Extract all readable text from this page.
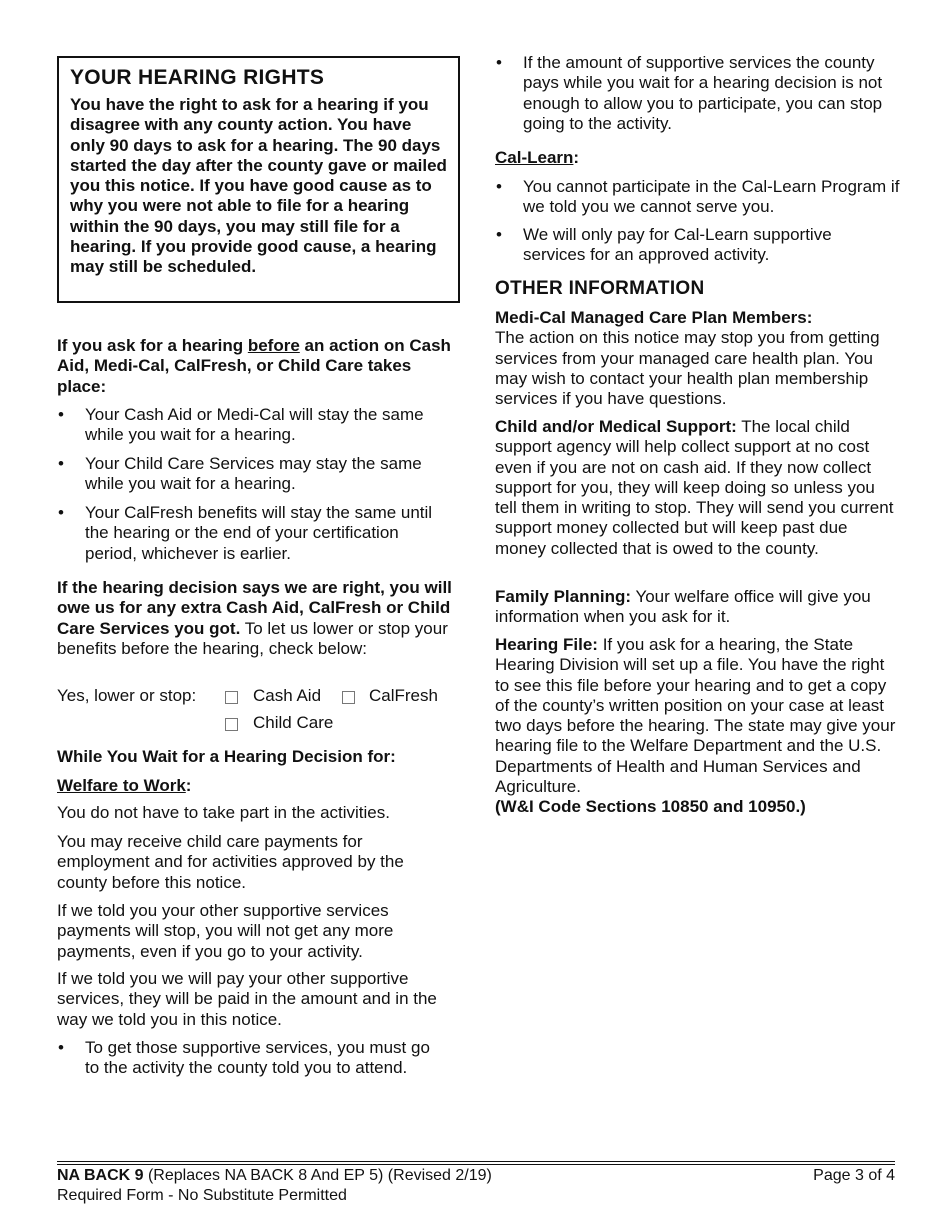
YOUR HEARING RIGHTS
You have the right to ask for a hearing if you disagree with any county action. You have only 90 days to ask for a hearing. The 90 days started the day after the county gave or mailed you this notice. If you have good cause as to why you were not able to file for a hearing within the 90 days, you may still file for a hearing. If you provide good cause, a hearing may still be scheduled.

If you ask for a hearing before an action on Cash Aid, Medi-Cal, CalFresh, or Child Care takes place:

• Your Cash Aid or Medi-Cal will stay the same while you wait for a hearing.
• Your Child Care Services may stay the same while you wait for a hearing.
• Your CalFresh benefits will stay the same until the hearing or the end of your certification period, whichever is earlier.

If the hearing decision says we are right, you will owe us for any extra Cash Aid, CalFresh or Child Care Services you got. To let us lower or stop your benefits before the hearing, check below:

Yes, lower or stop:	Cash Aid	CalFresh
Child Care

While You Wait for a Hearing Decision for:

Welfare to Work:

You do not have to take part in the activities.

You may receive child care payments for employment and for activities approved by the county before this notice.

If we told you your other supportive services payments will stop, you will not get any more payments, even if you go to your activity.

If we told you we will pay your other supportive services, they will be paid in the amount and in the way we told you in this notice.

• To get those supportive services, you must go to the activity the county told you to attend.
• If the amount of supportive services the county pays while you wait for a hearing decision is not enough to allow you to participate, you can stop going to the activity.

Cal-Learn:

• You cannot participate in the Cal-Learn Program if we told you we cannot serve you.
• We will only pay for Cal-Learn supportive services for an approved activity.

OTHER INFORMATION

Medi-Cal Managed Care Plan Members:
The action on this notice may stop you from getting services from your managed care health plan. You may wish to contact your health plan membership services if you have questions.

Child and/or Medical Support: The local child support agency will help collect support at no cost even if you are not on cash aid. If they now collect support for you, they will keep doing so unless you tell them in writing to stop. They will send you current support money collected but will keep past due money collected that is owed to the county.

Family Planning: Your welfare office will give you information when you ask for it.

Hearing File: If you ask for a hearing, the State Hearing Division will set up a file. You have the right to see this file before your hearing and to get a copy of the county’s written position on your case at least two days before the hearing. The state may give your hearing file to the Welfare Department and the U.S. Departments of Health and Human Services and Agriculture.
(W&I Code Sections 10850 and 10950.)

NA BACK 9 (Replaces NA BACK 8 And EP 5) (Revised 2/19)
Required Form - No Substitute Permitted
Page 3 of 4
